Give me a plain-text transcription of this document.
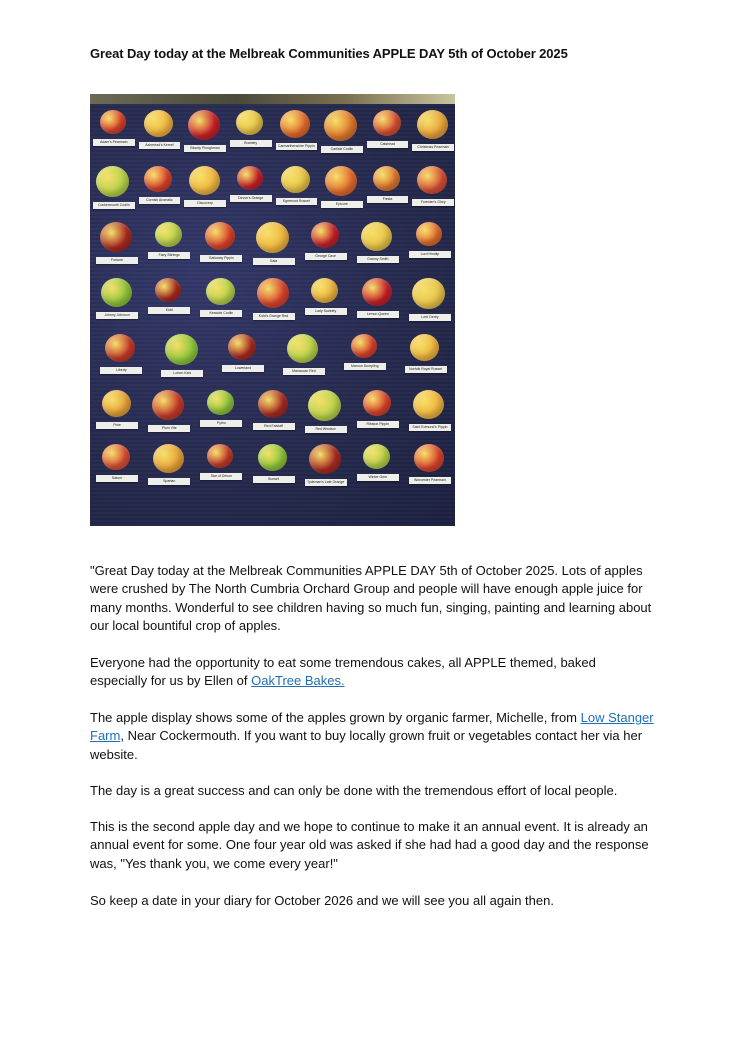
Great Day today at the Melbreak Communities APPLE DAY 5th of October 2025
Adam's Pearmain
Ashmead's Kernel
Bloody Ploughman
Bramley
Carmarthenshire Pippin
Carlisle Codlin
Catshead
Christmas Pearmain
Cockermouth Codlin
Cornish Aromatic
Discovery
Devon's Orange
Egremont Russet
Epicure
Fiesta
Forester's Glory
Fortune
Fairy Stirlings
Galloway Pippin
Gala
George Cave
Granny Smith
Lord Hindlip
Johnny Johnson
Kidd
Keswick Codlin
Kidd's Orange Red
Lady Sudeley
Lemon Queen
Lord Derby
Liberty
Lorton Kids
Lowerland
Manaccan Red
Maroon Dumpling
Norfolk Royal Russet
Pixie
Plum Vite
Pytho
Red Falstaff
Red Windsor
Ribston Pippin
Saint Edmund's Pippin
Saturn
Spartan
Star of Devon
Sunset
Tydeman's Late Orange
Winter Gem
Worcester Pearmain

"Great Day today at the Melbreak Communities APPLE DAY 5th of October 2025. Lots of apples were crushed by The North Cumbria Orchard Group and people will have enough apple juice for many months. Wonderful to see children having so much fun, singing, painting and learning about our local bountiful crop of apples.

Everyone had the opportunity to eat some tremendous cakes, all APPLE themed, baked especially for us by Ellen of OakTree Bakes.

The apple display shows some of the apples grown by organic farmer, Michelle, from Low Stanger Farm, Near Cockermouth. If you want to buy locally grown fruit or vegetables contact her via her website.

The day is a great success and can only be done with the tremendous effort of local people.

This is the second apple day and we hope to continue to make it an annual event. It is already an annual event for some. One four year old was asked if she had had a good day and the response was, "Yes thank you, we come every year!"

So keep a date in your diary for October 2026 and we will see you all again then.
